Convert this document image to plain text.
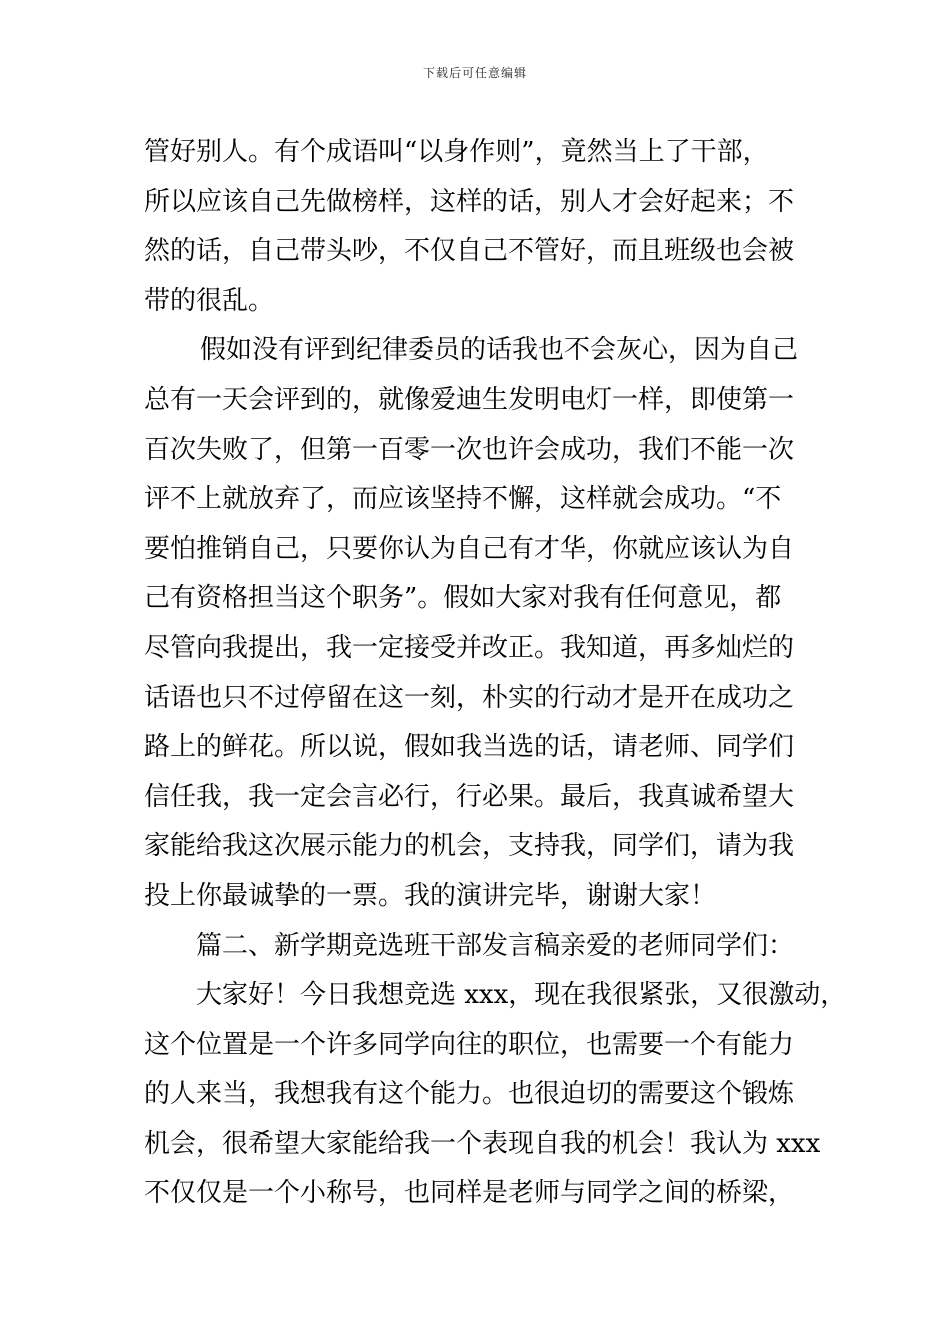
下载后可任意编辑
管好别人。有个成语叫“以身作则”，竟然当上了干部，
所以应该自己先做榜样，这样的话，别人才会好起来；不
然的话，自己带头吵，不仅自己不管好，而且班级也会被
带的很乱。
假如没有评到纪律委员的话我也不会灰心，因为自己
总有一天会评到的，就像爱迪生发明电灯一样，即使第一
百次失败了，但第一百零一次也许会成功，我们不能一次
评不上就放弃了，而应该坚持不懈，这样就会成功。“不
要怕推销自己，只要你认为自己有才华，你就应该认为自
己有资格担当这个职务”。假如大家对我有任何意见，都
尽管向我提出，我一定接受并改正。我知道，再多灿烂的
话语也只不过停留在这一刻，朴实的行动才是开在成功之
路上的鲜花。所以说，假如我当选的话，请老师、同学们
信任我，我一定会言必行，行必果。最后，我真诚希望大
家能给我这次展示能力的机会，支持我，同学们，请为我
投上你最诚挚的一票。我的演讲完毕，谢谢大家！
篇二、新学期竞选班干部发言稿亲爱的老师同学们：
大家好！今日我想竞选 xxx，现在我很紧张，又很激动，
这个位置是一个许多同学向往的职位，也需要一个有能力
的人来当，我想我有这个能力。也很迫切的需要这个锻炼
机会，很希望大家能给我一个表现自我的机会！我认为 xxx
不仅仅是一个小称号，也同样是老师与同学之间的桥梁，
